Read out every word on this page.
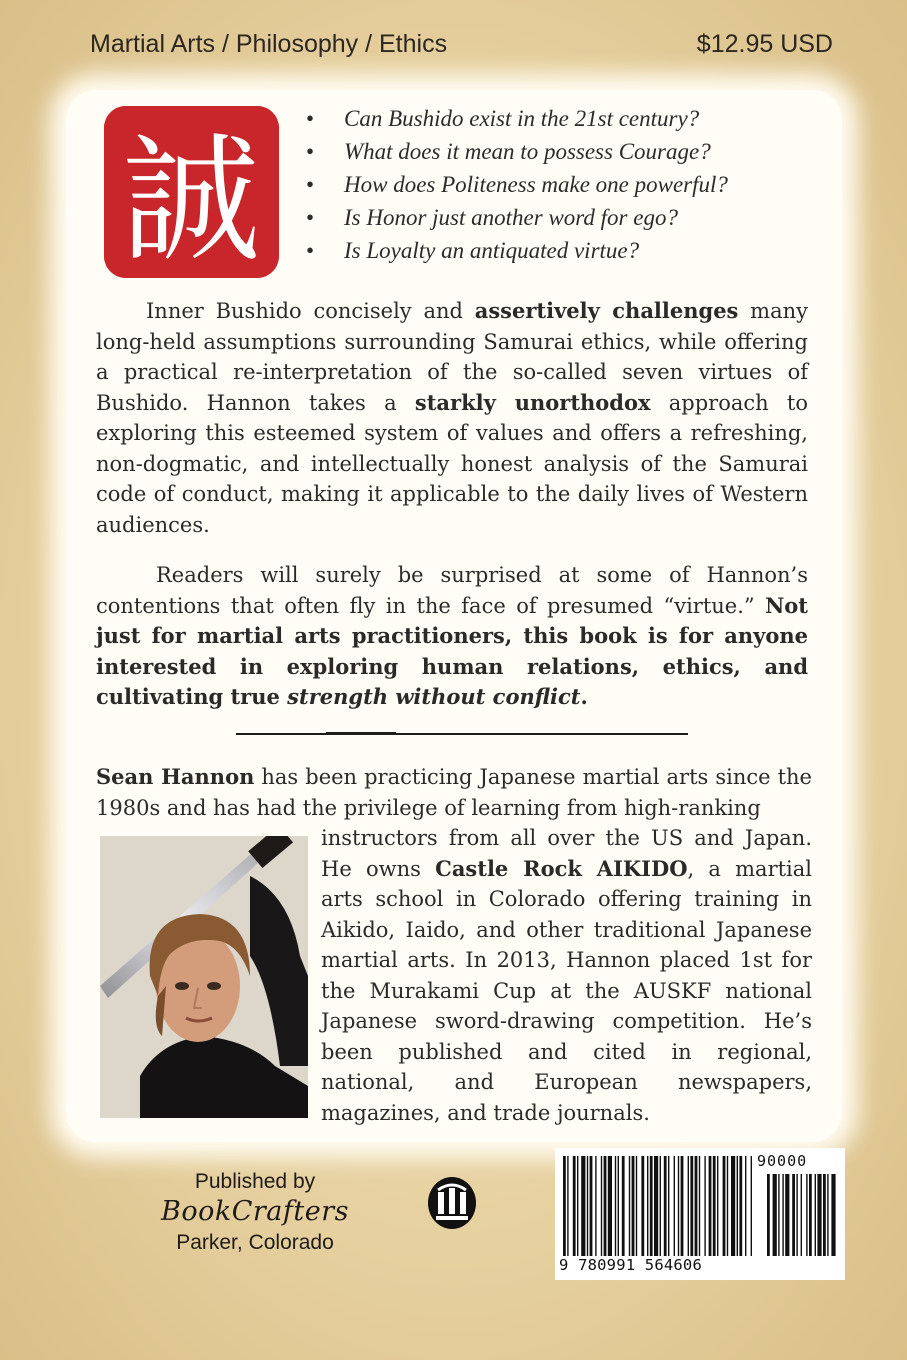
Martial Arts / Philosophy / Ethics	$12.95 USD
誠
• Can Bushido exist in the 21st century?
• What does it mean to possess Courage?
• How does Politeness make one powerful?
• Is Honor just another word for ego?
• Is Loyalty an antiquated virtue?

Inner Bushido concisely and assertively challenges many long-held assumptions surrounding Samurai ethics, while offering a practical re-interpretation of the so-called seven virtues of Bushido. Hannon takes a starkly unorthodox approach to exploring this esteemed system of values and offers a refreshing, non-dogmatic, and intellectually honest analysis of the Samurai code of conduct, making it applicable to the daily lives of Western audiences.

Readers will surely be surprised at some of Hannon’s contentions that often fly in the face of presumed “virtue.” Not just for martial arts practitioners, this book is for anyone interested in exploring human relations, ethics, and cultivating true strength without conflict.

Sean Hannon has been practicing Japanese martial arts since the 1980s and has had the privilege of learning from high-ranking

instructors from all over the US and Japan. He owns Castle Rock AIKIDO, a martial arts school in Colorado offering training in Aikido, Iaido, and other traditional Japanese martial arts. In 2013, Hannon placed 1st for the Murakami Cup at the AUSKF national Japanese sword-drawing competition. He’s been published and cited in regional, national, and European newspapers, magazines, and trade journals.

Published by
BookCrafters
Parker, Colorado
90000
9 780991 564606
